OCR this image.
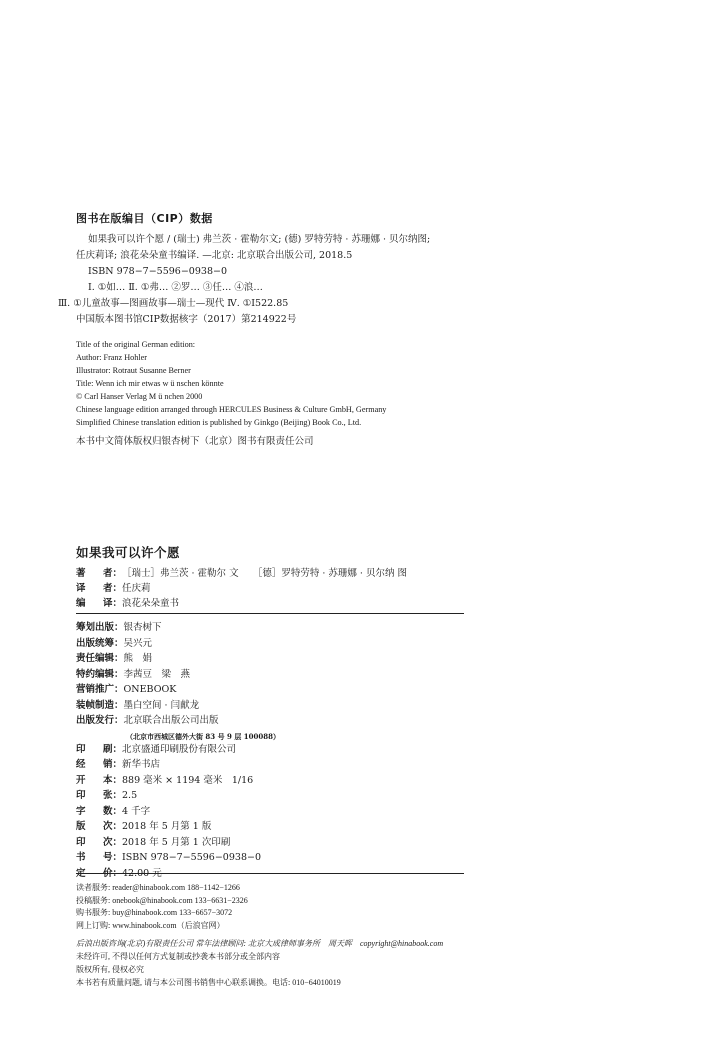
图书在版编目（CIP）数据
如果我可以许个愿 / (瑞士) 弗兰茨 · 霍勒尔文; (德) 罗特劳特 · 苏珊娜 · 贝尔纳图;
任庆莉译; 浪花朵朵童书编译. —北京: 北京联合出版公司, 2018.5
ISBN 978−7−5596−0938−0
Ⅰ. ①如… Ⅱ. ①弗… ②罗… ③任… ④浪…
Ⅲ. ①儿童故事—图画故事—瑞士—现代 Ⅳ. ①I522.85
中国版本图书馆CIP数据核字（2017）第214922号
Title of the original German edition:
Author: Franz Hohler
Illustrator: Rotraut Susanne Berner
Title: Wenn ich mir etwas w ü nschen könnte
© Carl Hanser Verlag M ü nchen 2000
Chinese language edition arranged through HERCULES Business & Culture GmbH, Germany
Simplified Chinese translation edition is published by Ginkgo (Beijing) Book Co., Ltd.
本书中文简体版权归银杏树下（北京）图书有限责任公司
如果我可以许个愿
著 者： ［瑞士］弗兰茨 · 霍勒尔 文　　［德］罗特劳特 · 苏珊娜 · 贝尔纳 图
译 者： 任庆莉
编 译： 浪花朵朵童书
筹划出版： 银杏树下
出版统筹： 吴兴元
责任编辑： 熊　娟
特约编辑： 李茜豆　梁　燕
营销推广： ONEBOOK
装帧制造： 墨白空间 · 闫献龙
出版发行： 北京联合出版公司出版
（北京市西城区德外大街 83 号 9 层 100088）
印 刷： 北京盛通印刷股份有限公司
经 销： 新华书店
开 本： 889 毫米 × 1194 毫米　1/16
印 张： 2.5
字 数： 4 千字
版 次： 2018 年 5 月第 1 版
印 次： 2018 年 5 月第 1 次印刷
书 号： ISBN 978−7−5596−0938−0
定 价： 42.00 元
读者服务: reader@hinabook.com 188−1142−1266
投稿服务: onebook@hinabook.com 133−6631−2326
购书服务: buy@hinabook.com 133−6657−3072
网上订购: www.hinabook.com（后浪官网）
后浪出版咨询(北京)有限责任公司 常年法律顾问: 北京大成律师事务所　周天晖　copyright@hinabook.com
未经许可, 不得以任何方式复制或抄袭本书部分或全部内容
版权所有, 侵权必究
本书若有质量问题, 请与本公司图书销售中心联系调换。电话: 010−64010019
